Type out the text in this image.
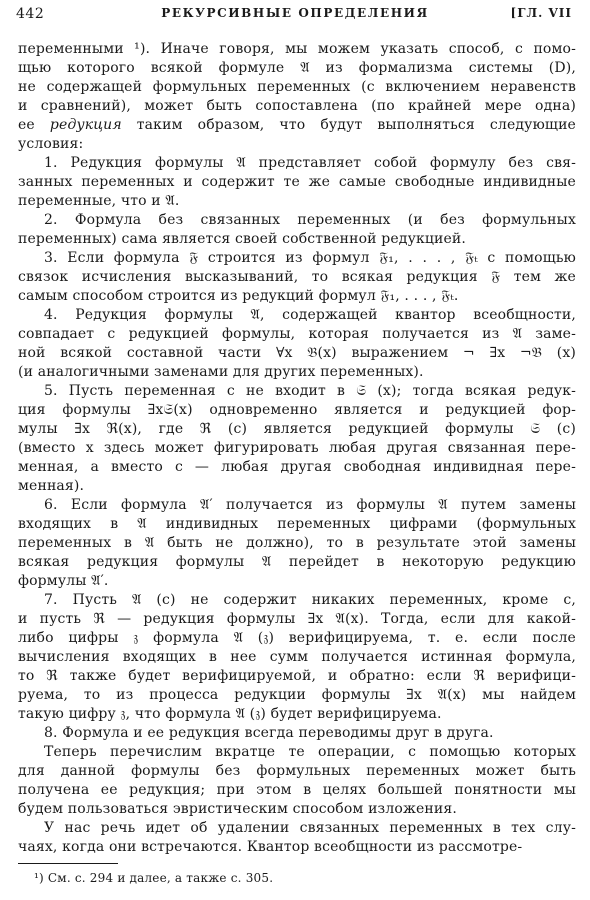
442	РЕКУРСИВНЫЕ ОПРЕДЕЛЕНИЯ	[ГЛ. VII

переменными ¹). Иначе говоря, мы можем указать способ, с помо-

щью которого всякой формуле 𝔄 из формализма системы (D),

не содержащей формульных переменных (с включением неравенств

и сравнений), может быть сопоставлена (по крайней мере одна)

ее редукция таким образом, что будут выполняться следующие

условия:

1. Редукция формулы 𝔄 представляет собой формулу без свя-

занных переменных и содержит те же самые свободные индивидные

переменные, что и 𝔄.

2. Формула без связанных переменных (и без формульных

переменных) сама является своей собственной редукцией.

3. Если формула 𝔉 строится из формул 𝔉₁, . . . , 𝔉ₜ с помощью

связок исчисления высказываний, то всякая редукция 𝔉 тем же

самым способом строится из редукций формул 𝔉₁, . . . , 𝔉ₜ.

4. Редукция формулы 𝔄, содержащей квантор всеобщности,

совпадает с редукцией формулы, которая получается из 𝔄 заме-

ной всякой составной части ∀x 𝔅(x) выражением ¬ ∃x ¬𝔅 (x)

(и аналогичными заменами для других переменных).

5. Пусть переменная c не входит в 𝔖 (x); тогда всякая редук-

ция формулы ∃x𝔖(x) одновременно является и редукцией фор-

мулы ∃x ℜ(x), где ℜ (c) является редукцией формулы 𝔖 (c)

(вместо x здесь может фигурировать любая другая связанная пере-

менная, а вместо c — любая другая свободная индивидная пере-

менная).

6. Если формула 𝔄′ получается из формулы 𝔄 путем замены

входящих в 𝔄 индивидных переменных цифрами (формульных

переменных в 𝔄 быть не должно), то в результате этой замены

всякая редукция формулы 𝔄 перейдет в некоторую редукцию

формулы 𝔄′.

7. Пусть 𝔄 (c) не содержит никаких переменных, кроме c,

и пусть ℜ — редукция формулы ∃x 𝔄(x). Тогда, если для какой-

либо цифры 𝔷 формула 𝔄 (𝔷) верифицируема, т. е. если после

вычисления входящих в нее сумм получается истинная формула,

то ℜ также будет верифицируемой, и обратно: если ℜ верифици-

руема, то из процесса редукции формулы ∃x 𝔄(x) мы найдем

такую цифру 𝔷, что формула 𝔄 (𝔷) будет верифицируема.

8. Формула и ее редукция всегда переводимы друг в друга.

Теперь перечислим вкратце те операции, с помощью которых

для данной формулы без формульных переменных может быть

получена ее редукция; при этом в целях большей понятности мы

будем пользоваться эвристическим способом изложения.

У нас речь идет об удалении связанных переменных в тех слу-

чаях, когда они встречаются. Квантор всеобщности из рассмотре-

¹) См. с. 294 и далее, а также с. 305.
